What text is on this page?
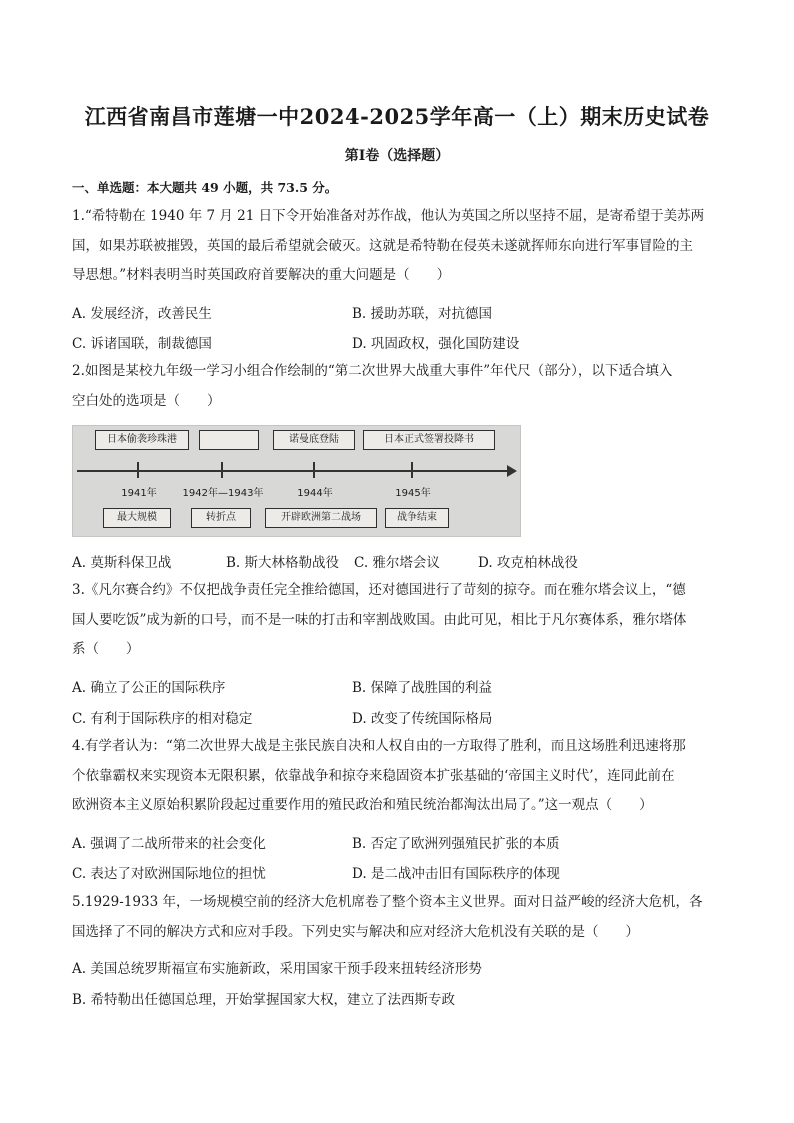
江西省南昌市莲塘一中2024-2025学年高一（上）期末历史试卷
第Ⅰ卷（选择题）
一、单选题：本大题共 49 小题，共 73.5 分。
1.“希特勒在 1940 年 7 月 21 日下令开始准备对苏作战，他认为英国之所以坚持不屈，是寄希望于美苏两
国，如果苏联被摧毁，英国的最后希望就会破灭。这就是希特勒在侵英未遂就挥师东向进行军事冒险的主
导思想。”材料表明当时英国政府首要解决的重大问题是（　　）
A. 发展经济，改善民生	B. 援助苏联，对抗德国
C. 诉诸国联，制裁德国	D. 巩固政权，强化国防建设
2.如图是某校九年级一学习小组合作绘制的“第二次世界大战重大事件”年代尺（部分），以下适合填入
空白处的选项是（　　）
日本偷袭珍珠港	诺曼底登陆	日本正式签署投降书
1941年	1942年—1943年	1944年	1945年
最大规模	转折点	开辟欧洲第二战场	战争结束
A. 莫斯科保卫战	B. 斯大林格勒战役 C. 雅尔塔会议	D. 攻克柏林战役
3.《凡尔赛合约》不仅把战争责任完全推给德国，还对德国进行了苛刻的掠夺。而在雅尔塔会议上，“德
国人要吃饭”成为新的口号，而不是一味的打击和宰割战败国。由此可见，相比于凡尔赛体系，雅尔塔体
系（　　）
A. 确立了公正的国际秩序	B. 保障了战胜国的利益
C. 有利于国际秩序的相对稳定	D. 改变了传统国际格局
4.有学者认为：“第二次世界大战是主张民族自决和人权自由的一方取得了胜利，而且这场胜利迅速将那
个依靠霸权来实现资本无限积累，依靠战争和掠夺来稳固资本扩张基础的‘帝国主义时代’，连同此前在
欧洲资本主义原始积累阶段起过重要作用的殖民政治和殖民统治都淘汰出局了。”这一观点（　　）
A. 强调了二战所带来的社会变化	B. 否定了欧洲列强殖民扩张的本质
C. 表达了对欧洲国际地位的担忧	D. 是二战冲击旧有国际秩序的体现
5.1929-1933 年，一场规模空前的经济大危机席卷了整个资本主义世界。面对日益严峻的经济大危机，各
国选择了不同的解决方式和应对手段。下列史实与解决和应对经济大危机没有关联的是（　　）
A. 美国总统罗斯福宣布实施新政，采用国家干预手段来扭转经济形势
B. 希特勒出任德国总理，开始掌握国家大权，建立了法西斯专政
